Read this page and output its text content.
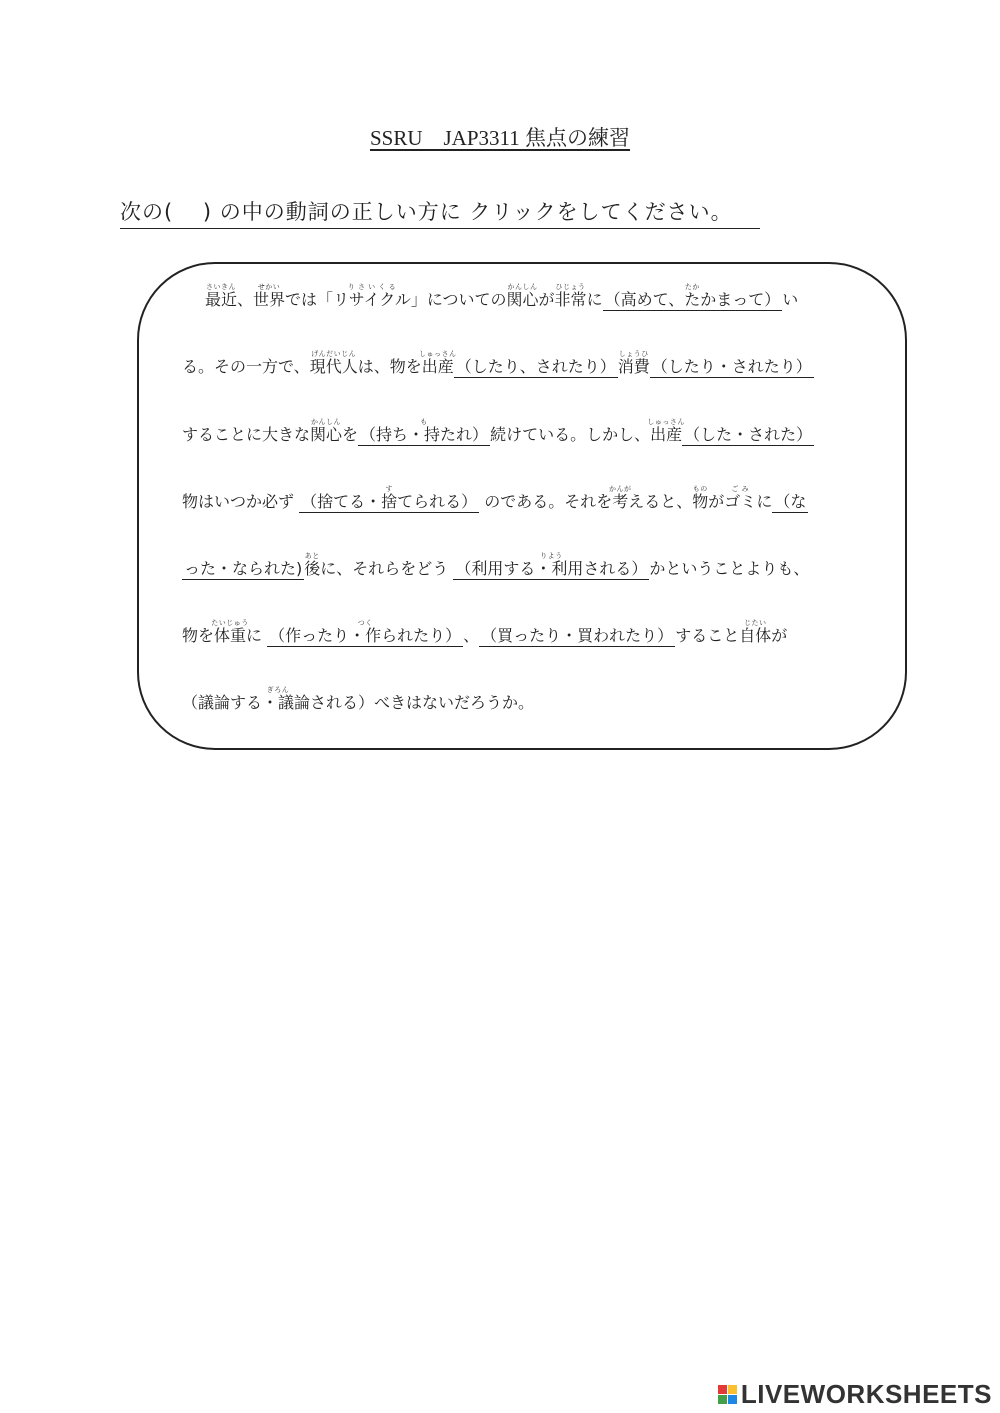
SSRU　JAP3311 焦点の練習
次の(　 ) の中の動詞の正しい方に クリックをしてください。
さいきん
最近、
せかい
世界では「
り さ い く る
リサイクル」についての
かんしん
関心が
ひじょう
非常に
たか
（高めて、たかまって） い
る。その一方で、
げんだいじん
現代人は、物を
しゅっさん
出産 （したり、されたり）
しょうひ
消費 （したり・されたり）
することに大きな
かんしん
関心を
も
（持ち・持たれ） 続けている。しかし、
しゅっさん
出産 （した・された）
物はいつか必ず
す
（捨てる・捨てられる） のである。それを
かんが
考えると、
もの
物が
ご み
ゴミに （な
った・なられた)
あと
後に、それらをどう
りよう
（利用する・利用される） かということよりも、
物を
たいじゅう
体重に
つく
（作ったり・作られたり） 、 （買ったり・買われたり） すること
じたい
自体が
ぎろん
（議論する・議論される）べきはないだろうか。
LIVEWORKSHEETS
